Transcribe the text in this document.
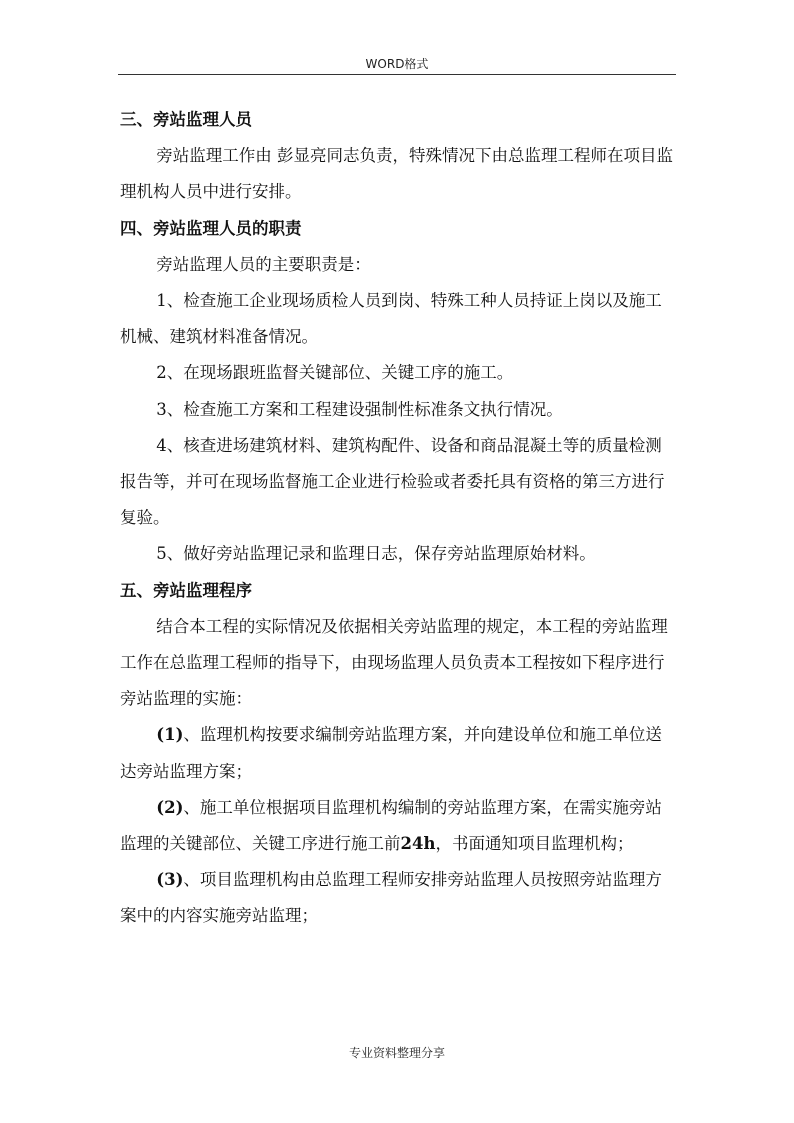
WORD格式

三、旁站监理人员

旁站监理工作由 彭显亮同志负责，特殊情况下由总监理工程师在项目监理机构人员中进行安排。

四、旁站监理人员的职责

旁站监理人员的主要职责是：

1、检查施工企业现场质检人员到岗、特殊工种人员持证上岗以及施工机械、建筑材料准备情况。

2、在现场跟班监督关键部位、关键工序的施工。

3、检查施工方案和工程建设强制性标准条文执行情况。

4、核查进场建筑材料、建筑构配件、设备和商品混凝土等的质量检测报告等，并可在现场监督施工企业进行检验或者委托具有资格的第三方进行复验。

5、做好旁站监理记录和监理日志，保存旁站监理原始材料。

五、旁站监理程序

结合本工程的实际情况及依据相关旁站监理的规定，本工程的旁站监理工作在总监理工程师的指导下，由现场监理人员负责本工程按如下程序进行旁站监理的实施：

(1)、监理机构按要求编制旁站监理方案，并向建设单位和施工单位送达旁站监理方案；

(2)、施工单位根据项目监理机构编制的旁站监理方案，在需实施旁站监理的关键部位、关键工序进行施工前24h，书面通知项目监理机构；

(3)、项目监理机构由总监理工程师安排旁站监理人员按照旁站监理方案中的内容实施旁站监理；

专业资料整理分享
